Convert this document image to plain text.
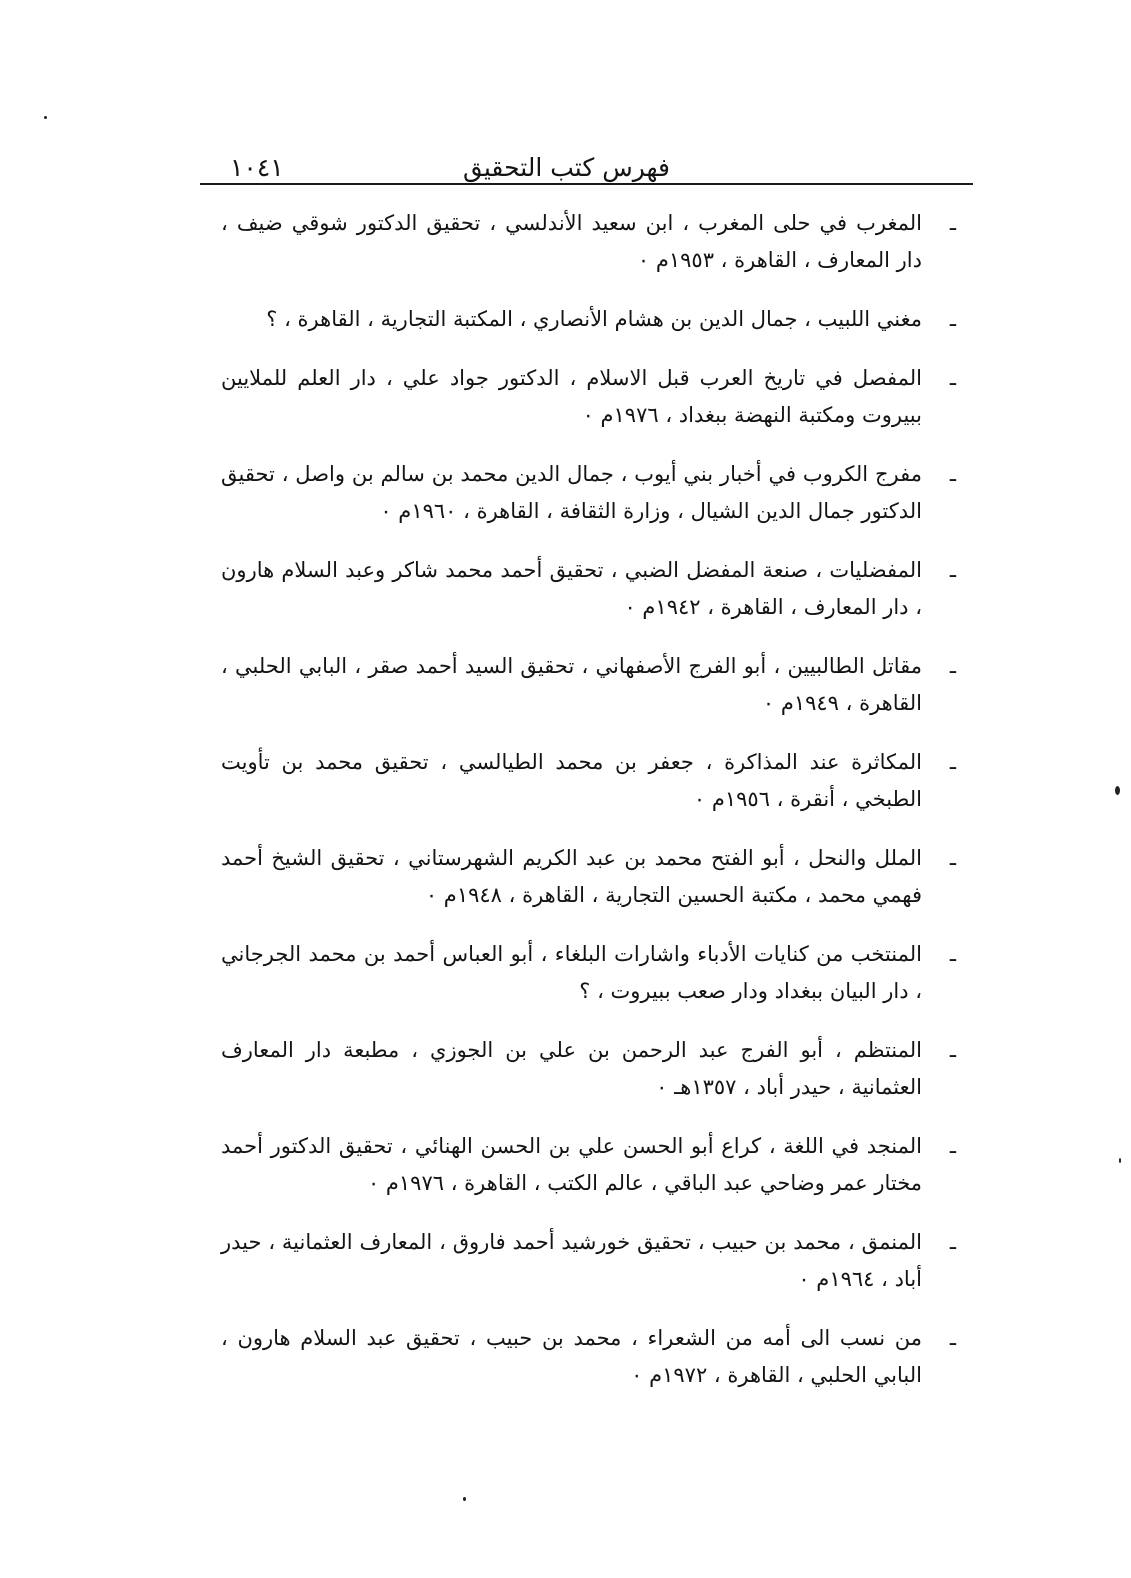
فهرس كتب التحقيق
١٠٤١
ـ
المغرب في حلى المغرب ، ابن سعيد الأندلسي ، تحقيق الدكتور شوقي ضيف ، دار المعارف ، القاهرة ، ١٩٥٣م ٠
ـ
مغني اللبيب ، جمال الدين بن هشام الأنصاري ، المكتبة التجارية ، القاهرة ، ؟
ـ
المفصل في تاريخ العرب قبل الاسلام ، الدكتور جواد علي ، دار العلم للملايين ببيروت ومكتبة النهضة ببغداد ، ١٩٧٦م ٠
ـ
مفرج الكروب في أخبار بني أيوب ، جمال الدين محمد بن سالم بن واصل ، تحقيق الدكتور جمال الدين الشيال ، وزارة الثقافة ، القاهرة ، ١٩٦٠م ٠
ـ
المفضليات ، صنعة المفضل الضبي ، تحقيق أحمد محمد شاكر وعبد السلام هارون ، دار المعارف ، القاهرة ، ١٩٤٢م ٠
ـ
مقاتل الطالبيين ، أبو الفرج الأصفهاني ، تحقيق السيد أحمد صقر ، البابي الحلبي ، القاهرة ، ١٩٤٩م ٠
ـ
المكاثرة عند المذاكرة ، جعفر بن محمد الطيالسي ، تحقيق محمد بن تأويت الطبخي ، أنقرة ، ١٩٥٦م ٠
ـ
الملل والنحل ، أبو الفتح محمد بن عبد الكريم الشهرستاني ، تحقيق الشيخ أحمد فهمي محمد ، مكتبة الحسين التجارية ، القاهرة ، ١٩٤٨م ٠
ـ
المنتخب من كنايات الأدباء واشارات البلغاء ، أبو العباس أحمد بن محمد الجرجاني ، دار البيان ببغداد ودار صعب ببيروت ، ؟
ـ
المنتظم ، أبو الفرج عبد الرحمن بن علي بن الجوزي ، مطبعة دار المعارف العثمانية ، حيدر أباد ، ١٣٥٧هـ ٠
ـ
المنجد في اللغة ، كراع أبو الحسن علي بن الحسن الهنائي ، تحقيق الدكتور أحمد مختار عمر وضاحي عبد الباقي ، عالم الكتب ، القاهرة ، ١٩٧٦م ٠
ـ
المنمق ، محمد بن حبيب ، تحقيق خورشيد أحمد فاروق ، المعارف العثمانية ، حيدر أباد ، ١٩٦٤م ٠
ـ
من نسب الى أمه من الشعراء ، محمد بن حبيب ، تحقيق عبد السلام هارون ، البابي الحلبي ، القاهرة ، ١٩٧٢م ٠
